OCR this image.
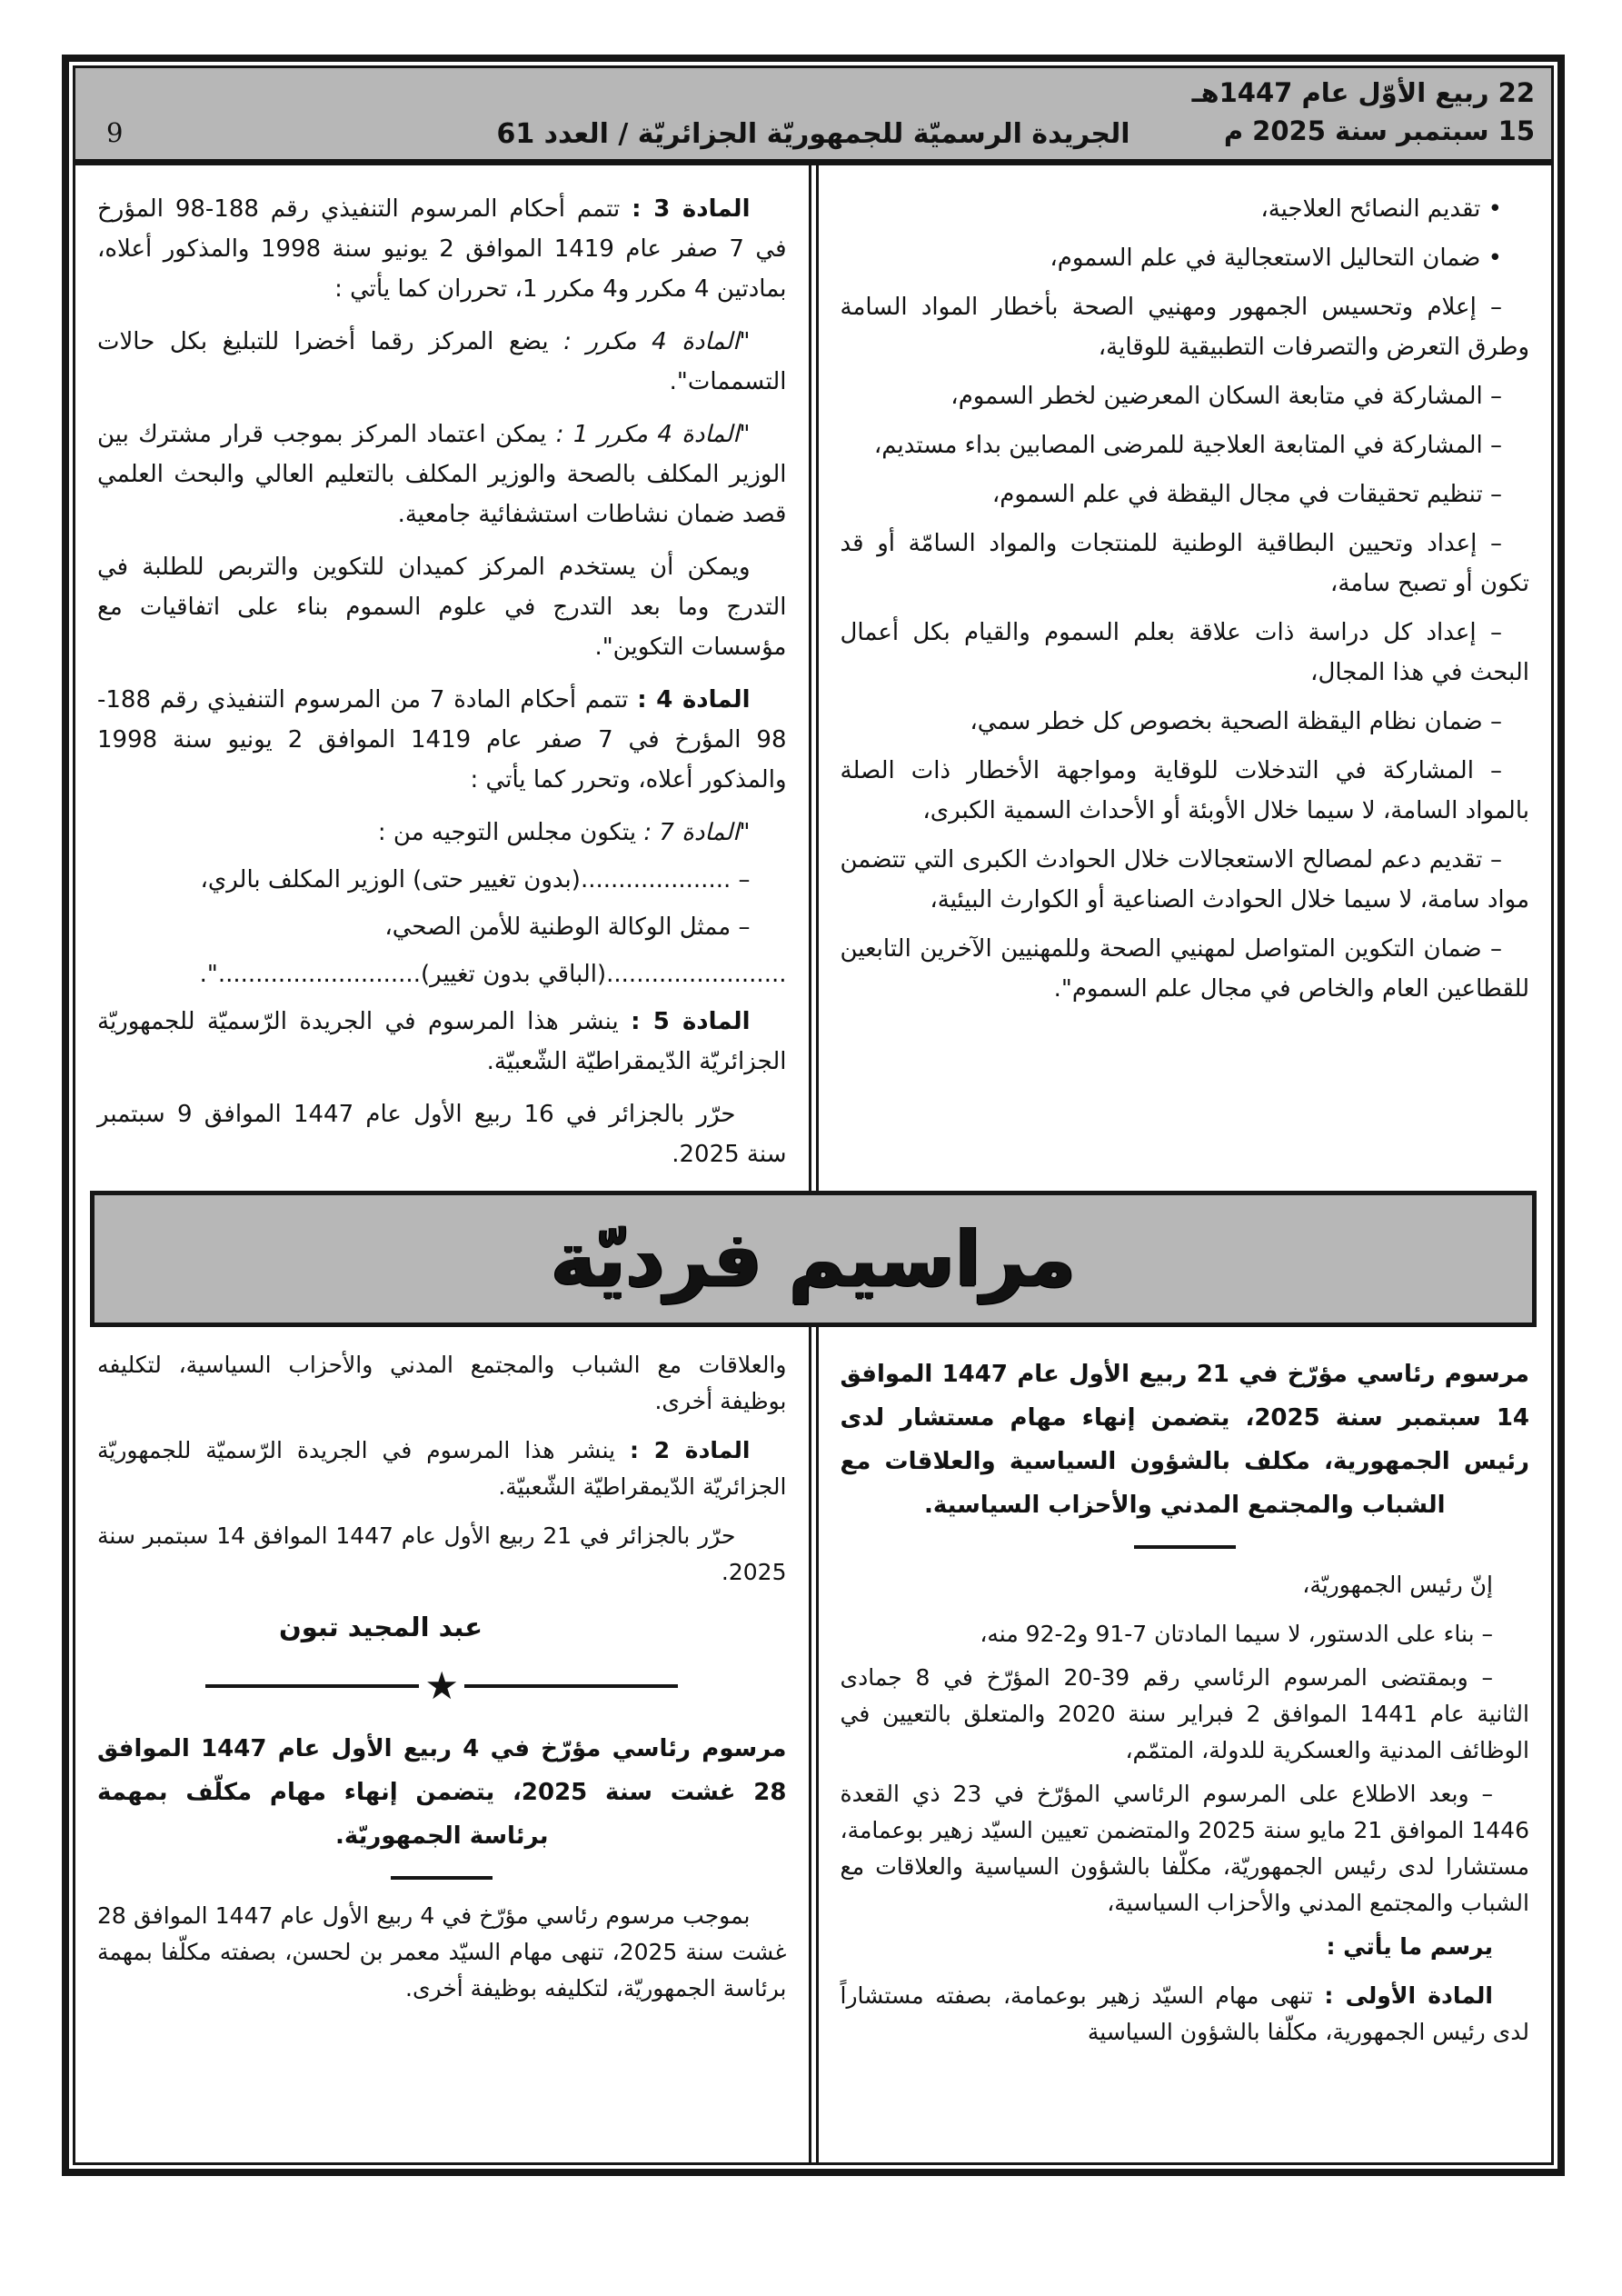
22 ربيع الأوّل عام 1447هـ
15 سبتمبر سنة 2025 م
الجريدة الرسميّة للجمهوريّة الجزائريّة / العدد 61
9
• تقديم النصائح العلاجية،
• ضمان التحاليل الاستعجالية في علم السموم،
– إعلام وتحسيس الجمهور ومهنيي الصحة بأخطار المواد السامة وطرق التعرض والتصرفات التطبيقية للوقاية،
– المشاركة في متابعة السكان المعرضين لخطر السموم،
– المشاركة في المتابعة العلاجية للمرضى المصابين بداء مستديم،
– تنظيم تحقيقات في مجال اليقظة في علم السموم،
– إعداد وتحيين البطاقية الوطنية للمنتجات والمواد السامّة أو قد تكون أو تصبح سامة،
– إعداد كل دراسة ذات علاقة بعلم السموم والقيام بكل أعمال البحث في هذا المجال،
– ضمان نظام اليقظة الصحية بخصوص كل خطر سمي،
– المشاركة في التدخلات للوقاية ومواجهة الأخطار ذات الصلة بالمواد السامة، لا سيما خلال الأوبئة أو الأحداث السمية الكبرى،
– تقديم دعم لمصالح الاستعجالات خلال الحوادث الكبرى التي تتضمن مواد سامة، لا سيما خلال الحوادث الصناعية أو الكوارث البيئية،
– ضمان التكوين المتواصل لمهنيي الصحة وللمهنيين الآخرين التابعين للقطاعين العام والخاص في مجال علم السموم".

المادة 3 : تتمم أحكام المرسوم التنفيذي رقم 188-98 المؤرخ في 7 صفر عام 1419 الموافق 2 يونيو سنة 1998 والمذكور أعلاه، بمادتين 4 مكرر و4 مكرر 1، تحرران كما يأتي :

"المادة 4 مكرر : يضع المركز رقما أخضرا للتبليغ بكل حالات التسممات".

"المادة 4 مكرر 1 : يمكن اعتماد المركز بموجب قرار مشترك بين الوزير المكلف بالصحة والوزير المكلف بالتعليم العالي والبحث العلمي قصد ضمان نشاطات استشفائية جامعية.

ويمكن أن يستخدم المركز كميدان للتكوين والتربص للطلبة في التدرج وما بعد التدرج في علوم السموم بناء على اتفاقيات مع مؤسسات التكوين".

المادة 4 : تتمم أحكام المادة 7 من المرسوم التنفيذي رقم 188-98 المؤرخ في 7 صفر عام 1419 الموافق 2 يونيو سنة 1998 والمذكور أعلاه، وتحرر كما يأتي :

"المادة 7 : يتكون مجلس التوجيه من :

– ....................(بدون تغيير حتى) الوزير المكلف بالري،

– ممثل الوكالة الوطنية للأمن الصحي،

........................(الباقي بدون تغيير)...........................".

المادة 5 : ينشر هذا المرسوم في الجريدة الرّسميّة للجمهوريّة الجزائريّة الدّيمقراطيّة الشّعبيّة.

حرّر بالجزائر في 16 ربيع الأول عام 1447 الموافق 9 سبتمبر سنة 2025.

مراسيم فرديّة

مرسوم رئاسي مؤرّخ في 21 ربيع الأول عام 1447 الموافق 14 سبتمبر سنة 2025، يتضمن إنهاء مهام مستشار لدى رئيس الجمهورية، مكلف بالشؤون السياسية والعلاقات مع الشباب والمجتمع المدني والأحزاب السياسية.

إنّ رئيس الجمهوريّة،

– بناء على الدستور، لا سيما المادتان 7-91 و2-92 منه،

– وبمقتضى المرسوم الرئاسي رقم 39-20 المؤرّخ في 8 جمادى الثانية عام 1441 الموافق 2 فبراير سنة 2020 والمتعلق بالتعيين في الوظائف المدنية والعسكرية للدولة، المتمّم،

– وبعد الاطلاع على المرسوم الرئاسي المؤرّخ في 23 ذي القعدة 1446 الموافق 21 مايو سنة 2025 والمتضمن تعيين السيّد زهير بوعمامة، مستشارا لدى رئيس الجمهوريّة، مكلّفا بالشؤون السياسية والعلاقات مع الشباب والمجتمع المدني والأحزاب السياسية،

يرسم ما يأتي :

المادة الأولى : تنهى مهام السيّد زهير بوعمامة، بصفته مستشاراً لدى رئيس الجمهورية، مكلّفا بالشؤون السياسية

والعلاقات مع الشباب والمجتمع المدني والأحزاب السياسية، لتكليفه بوظيفة أخرى.

المادة 2 : ينشر هذا المرسوم في الجريدة الرّسميّة للجمهوريّة الجزائريّة الدّيمقراطيّة الشّعبيّة.

حرّر بالجزائر في 21 ربيع الأول عام 1447 الموافق 14 سبتمبر سنة 2025.

عبد المجيد تبون

★

مرسوم رئاسي مؤرّخ في 4 ربيع الأول عام 1447 الموافق 28 غشت سنة 2025، يتضمن إنهاء مهام مكلّف بمهمة برئاسة الجمهوريّة.

بموجب مرسوم رئاسي مؤرّخ في 4 ربيع الأول عام 1447 الموافق 28 غشت سنة 2025، تنهى مهام السيّد معمر بن لحسن، بصفته مكلّفا بمهمة برئاسة الجمهوريّة، لتكليفه بوظيفة أخرى.
